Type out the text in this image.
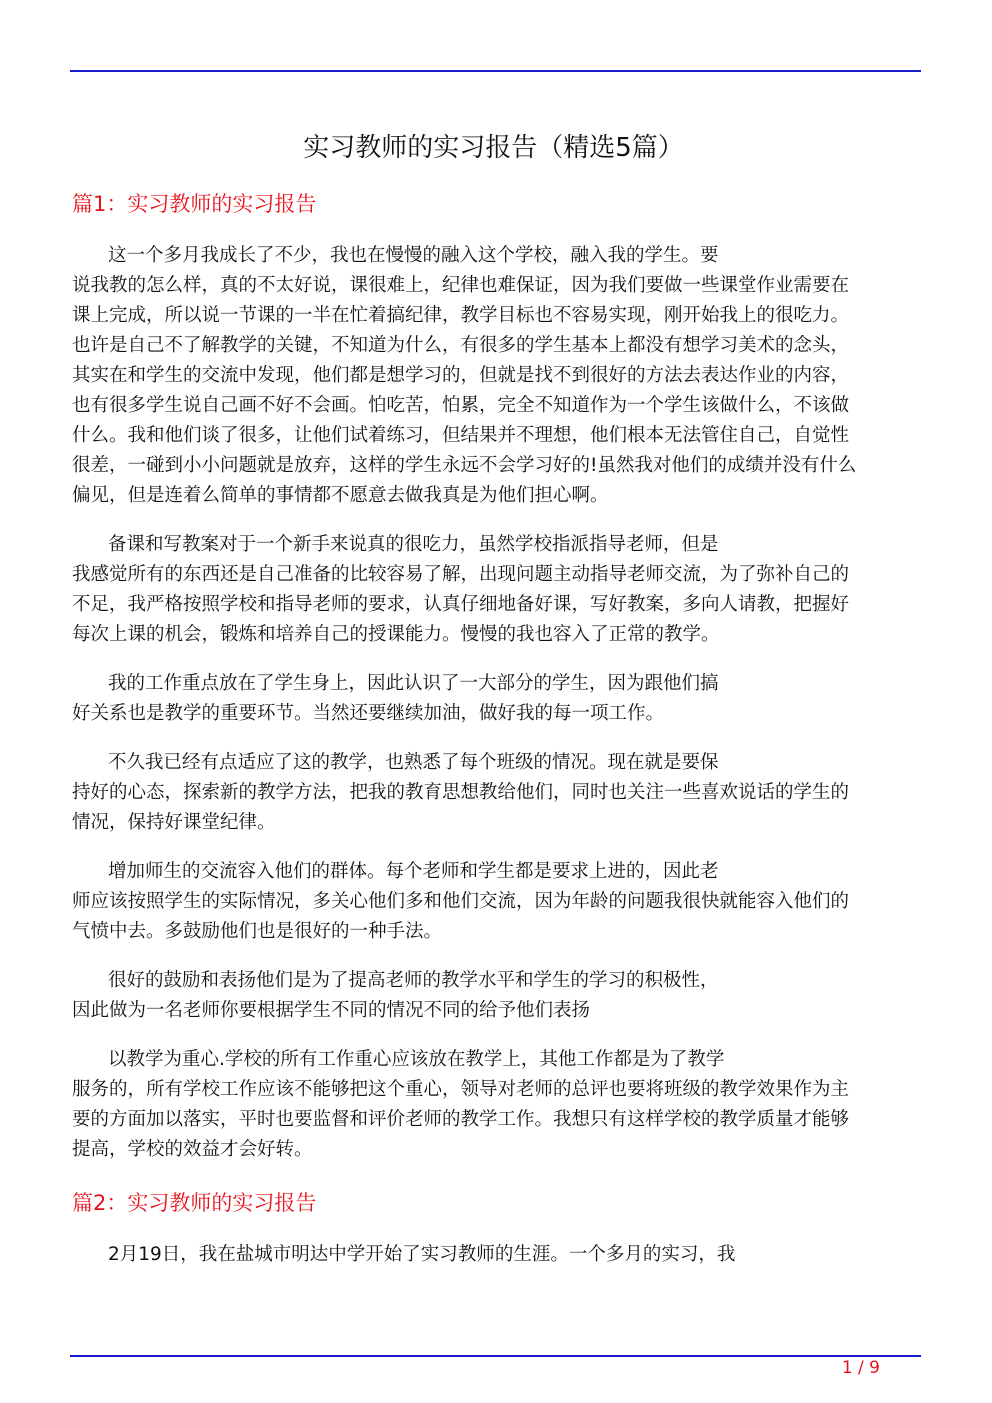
实习教师的实习报告（精选5篇）
篇1：实习教师的实习报告
这一个多月我成长了不少，我也在慢慢的融入这个学校，融入我的学生。要
说我教的怎么样，真的不太好说，课很难上，纪律也难保证，因为我们要做一些课堂作业需要在
课上完成，所以说一节课的一半在忙着搞纪律，教学目标也不容易实现，刚开始我上的很吃力。
也许是自己不了解教学的关键，不知道为什么，有很多的学生基本上都没有想学习美术的念头，
其实在和学生的交流中发现，他们都是想学习的，但就是找不到很好的方法去表达作业的内容，
也有很多学生说自己画不好不会画。怕吃苦，怕累，完全不知道作为一个学生该做什么，不该做
什么。我和他们谈了很多，让他们试着练习，但结果并不理想，他们根本无法管住自己，自觉性
很差，一碰到小小问题就是放弃，这样的学生永远不会学习好的!虽然我对他们的成绩并没有什么
偏见，但是连着么简单的事情都不愿意去做我真是为他们担心啊。
备课和写教案对于一个新手来说真的很吃力，虽然学校指派指导老师，但是
我感觉所有的东西还是自己准备的比较容易了解，出现问题主动指导老师交流，为了弥补自己的
不足，我严格按照学校和指导老师的要求，认真仔细地备好课，写好教案，多向人请教，把握好
每次上课的机会，锻炼和培养自己的授课能力。慢慢的我也容入了正常的教学。
我的工作重点放在了学生身上，因此认识了一大部分的学生，因为跟他们搞
好关系也是教学的重要环节。当然还要继续加油，做好我的每一项工作。
不久我已经有点适应了这的教学，也熟悉了每个班级的情况。现在就是要保
持好的心态，探索新的教学方法，把我的教育思想教给他们，同时也关注一些喜欢说话的学生的
情况，保持好课堂纪律。
增加师生的交流容入他们的群体。每个老师和学生都是要求上进的，因此老
师应该按照学生的实际情况，多关心他们多和他们交流，因为年龄的问题我很快就能容入他们的
气愤中去。多鼓励他们也是很好的一种手法。
很好的鼓励和表扬他们是为了提高老师的教学水平和学生的学习的积极性，
因此做为一名老师你要根据学生不同的情况不同的给予他们表扬
以教学为重心.学校的所有工作重心应该放在教学上，其他工作都是为了教学
服务的，所有学校工作应该不能够把这个重心，领导对老师的总评也要将班级的教学效果作为主
要的方面加以落实，平时也要监督和评价老师的教学工作。我想只有这样学校的教学质量才能够
提高，学校的效益才会好转。
篇2：实习教师的实习报告
2月19日，我在盐城市明达中学开始了实习教师的生涯。一个多月的实习，我
1 / 9
